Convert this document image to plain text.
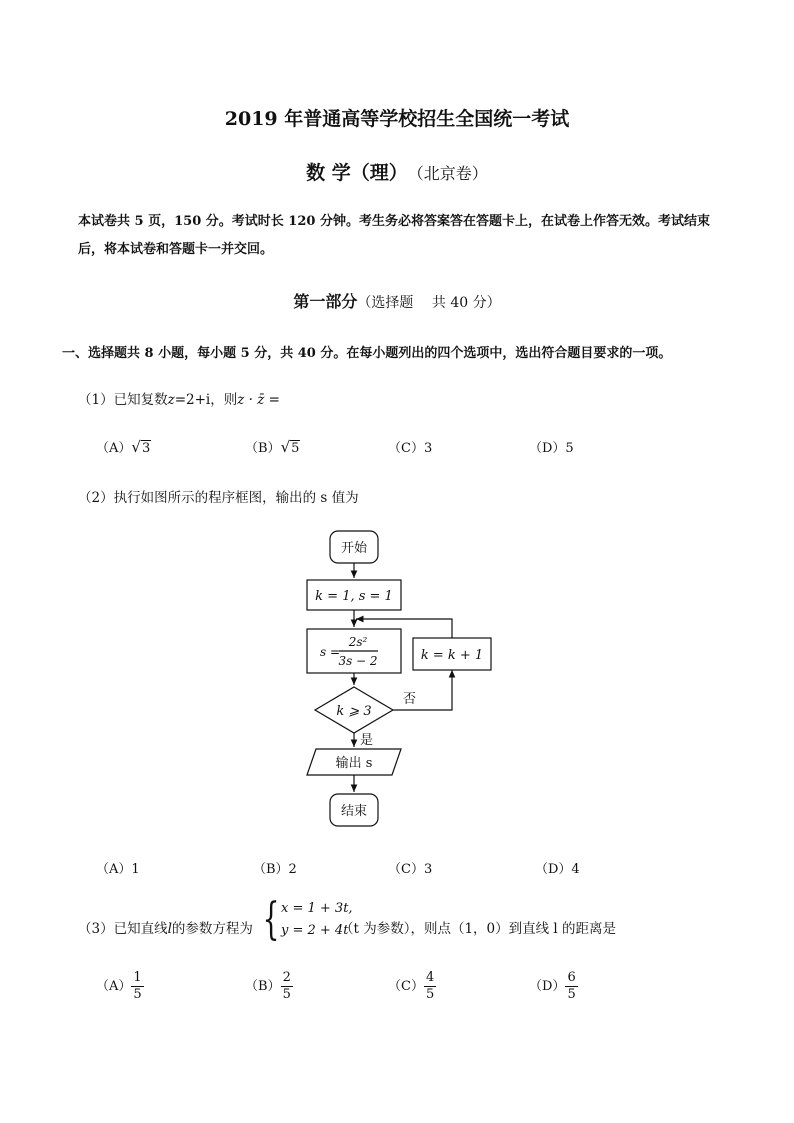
2019 年普通高等学校招生全国统一考试
数 学（理） （北京卷）
本试卷共 5 页，150 分。考试时长 120 分钟。考生务必将答案答在答题卡上，在试卷上作答无效。考试结束后，将本试卷和答题卡一并交回。
第一部分（选择题　 共 40 分）
一、选择题共 8 小题，每小题 5 分，共 40 分。在每小题列出的四个选项中，选出符合题目要求的一项。
（1）已知复数z=2+i，则z · z̄ =
（A）√3	（B）√5	（C）3	（D）5
（2）执行如图所示的程序框图，输出的 s 值为
开始
k = 1, s = 1
s =
2s²
3s − 2	k = k + 1
k ⩾ 3
否
是
输出 s
结束
（A）1	（B）2	（C）3	（D）4
（3）已知直线l的参数方程为 { x = 1 + 3t,
y = 2 + 4t
（t 为参数），则点（1，0）到直线 l 的距离是
$(A) \frac{1}{5}$	$(B) \frac{2}{5}$	$(C) \frac{4}{5}$	$(D) \frac{6}{5}$
